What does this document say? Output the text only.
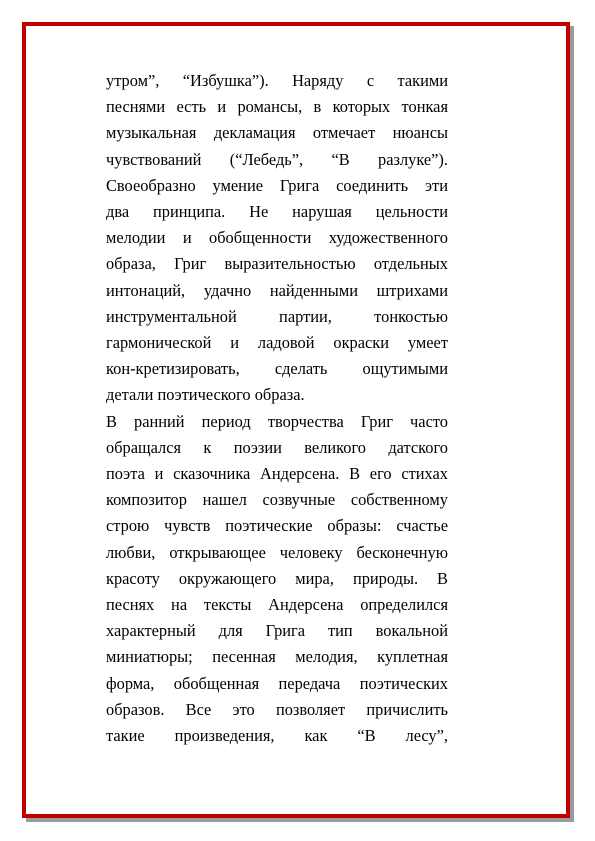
утром”, “Избушка”). Наряду с такими
песнями есть и романсы, в которых тонкая
музыкальная декламация отмечает нюансы
чувствований (“Лебедь”, “В разлуке”).
Своеобразно умение Грига соединить эти
два принципа. Не нарушая цельности
мелодии и обобщенности художественного
образа, Григ выразительностью отдельных
интонаций, удачно найденными штрихами
инструментальной партии, тонкостью
гармонической и ладовой окраски умеет
кон-кретизировать, сделать ощутимыми
детали поэтического образа.

В ранний период творчества Григ часто
обращался к поэзии великого датского
поэта и сказочника Андерсена. В его стихах
композитор нашел созвучные собственному
строю чувств поэтические образы: счастье
любви, открывающее человеку бесконечную
красоту окружающего мира, природы. В
песнях на тексты Андерсена определился
характерный для Грига тип вокальной
миниатюры; песенная мелодия, куплетная
форма, обобщенная передача поэтических
образов. Все это позволяет причислить
такие произведения, как “В лесу”,
